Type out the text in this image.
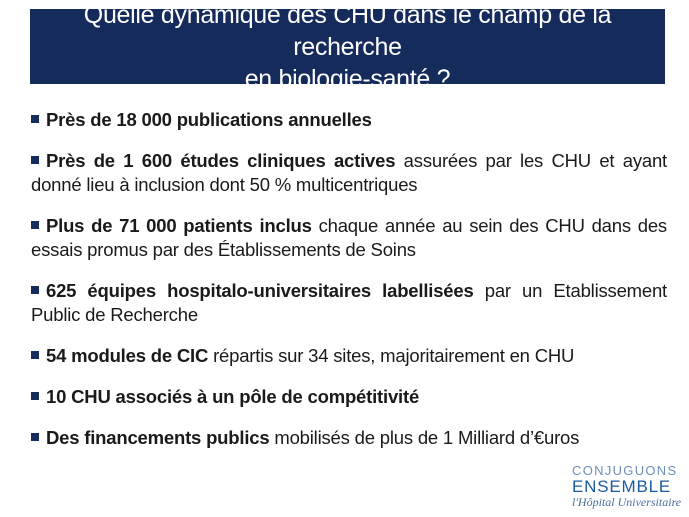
Quelle dynamique des CHU dans le champ de la recherche
en biologie-santé ?
Près de 18 000 publications annuelles
Près de 1 600 études cliniques actives assurées par les CHU et ayant donné lieu à inclusion dont 50 % multicentriques
Plus de 71 000 patients inclus chaque année au sein des CHU dans des essais promus par des Établissements de Soins
625 équipes hospitalo-universitaires labellisées par un Etablissement Public de Recherche
54 modules de CIC répartis sur 34 sites, majoritairement en CHU
10 CHU associés à un pôle de compétitivité
Des financements publics mobilisés de plus de 1 Milliard d’€uros
CONJUGUONS
ENSEMBLE
l'Hôpital Universitaire
